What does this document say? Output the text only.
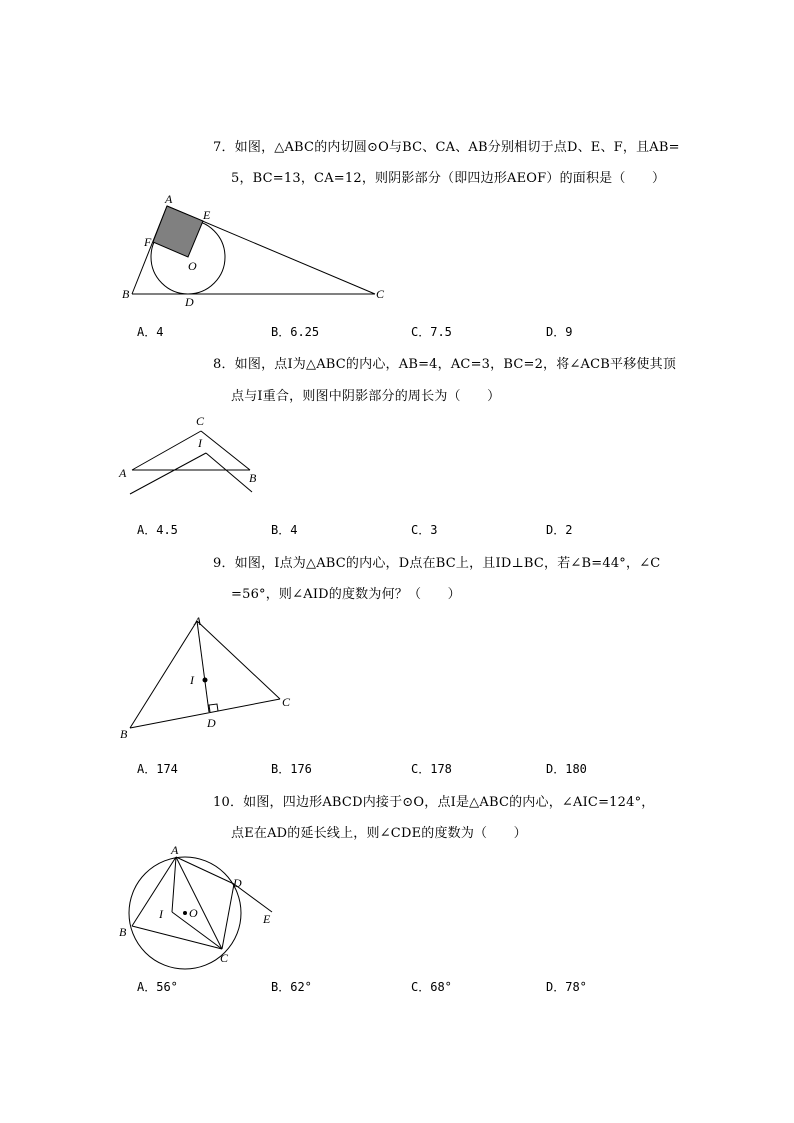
7．如图，△ABC的内切圆⊙O与BC、CA、AB分别相切于点D、E、F，且AB=
5，BC=13，CA=12，则阴影部分（即四边形AEOF）的面积是（　　）
A
E
F
O
B
D
C
A．4	B．6.25	C．7.5	D．9
8．如图，点I为△ABC的内心，AB=4，AC=3，BC=2，将∠ACB平移使其顶
点与I重合，则图中阴影部分的周长为（　　）
C
I
A	B
A．4.5	B．4	C．3	D．2
9．如图，I点为△ABC的内心，D点在BC上，且ID⊥BC，若∠B=44°，∠C
=56°，则∠AID的度数为何？（　　）
A
I
C
D
B
A．174	B．176	C．178	D．180
10．如图，四边形ABCD内接于⊙O，点I是△ABC的内心，∠AIC=124°，
点E在AD的延长线上，则∠CDE的度数为（　　）
A
D
I O	E
B
C
A．56°	B．62°	C．68°	D．78°
